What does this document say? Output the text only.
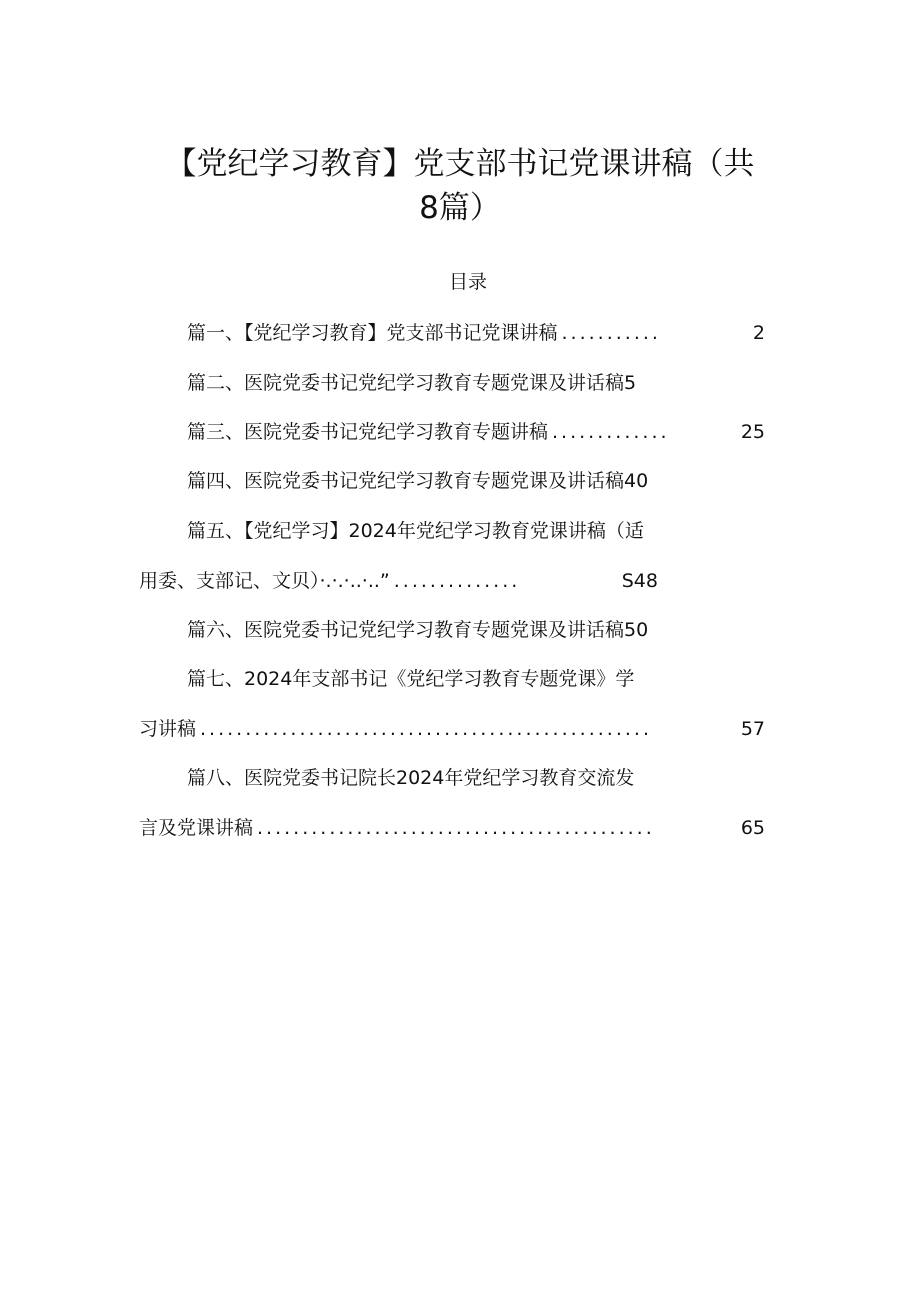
【党纪学习教育】党支部书记党课讲稿（共
8篇）
目录
篇一、【党纪学习教育】党支部书记党课讲稿 ...........	2
篇二、医院党委书记党纪学习教育专题党课及讲话稿5
篇三、医院党委书记党纪学习教育专题讲稿 .............	25
篇四、医院党委书记党纪学习教育专题党课及讲话稿40
篇五、【党纪学习】2024年党纪学习教育党课讲稿（适
用委、支部记、文贝）·.·.·..·..” ..............	S48
篇六、医院党委书记党纪学习教育专题党课及讲话稿50
篇七、2024年支部书记《党纪学习教育专题党课》学
习讲稿 ..................................................	57
篇八、医院党委书记院长2024年党纪学习教育交流发
言及党课讲稿 ............................................	65
